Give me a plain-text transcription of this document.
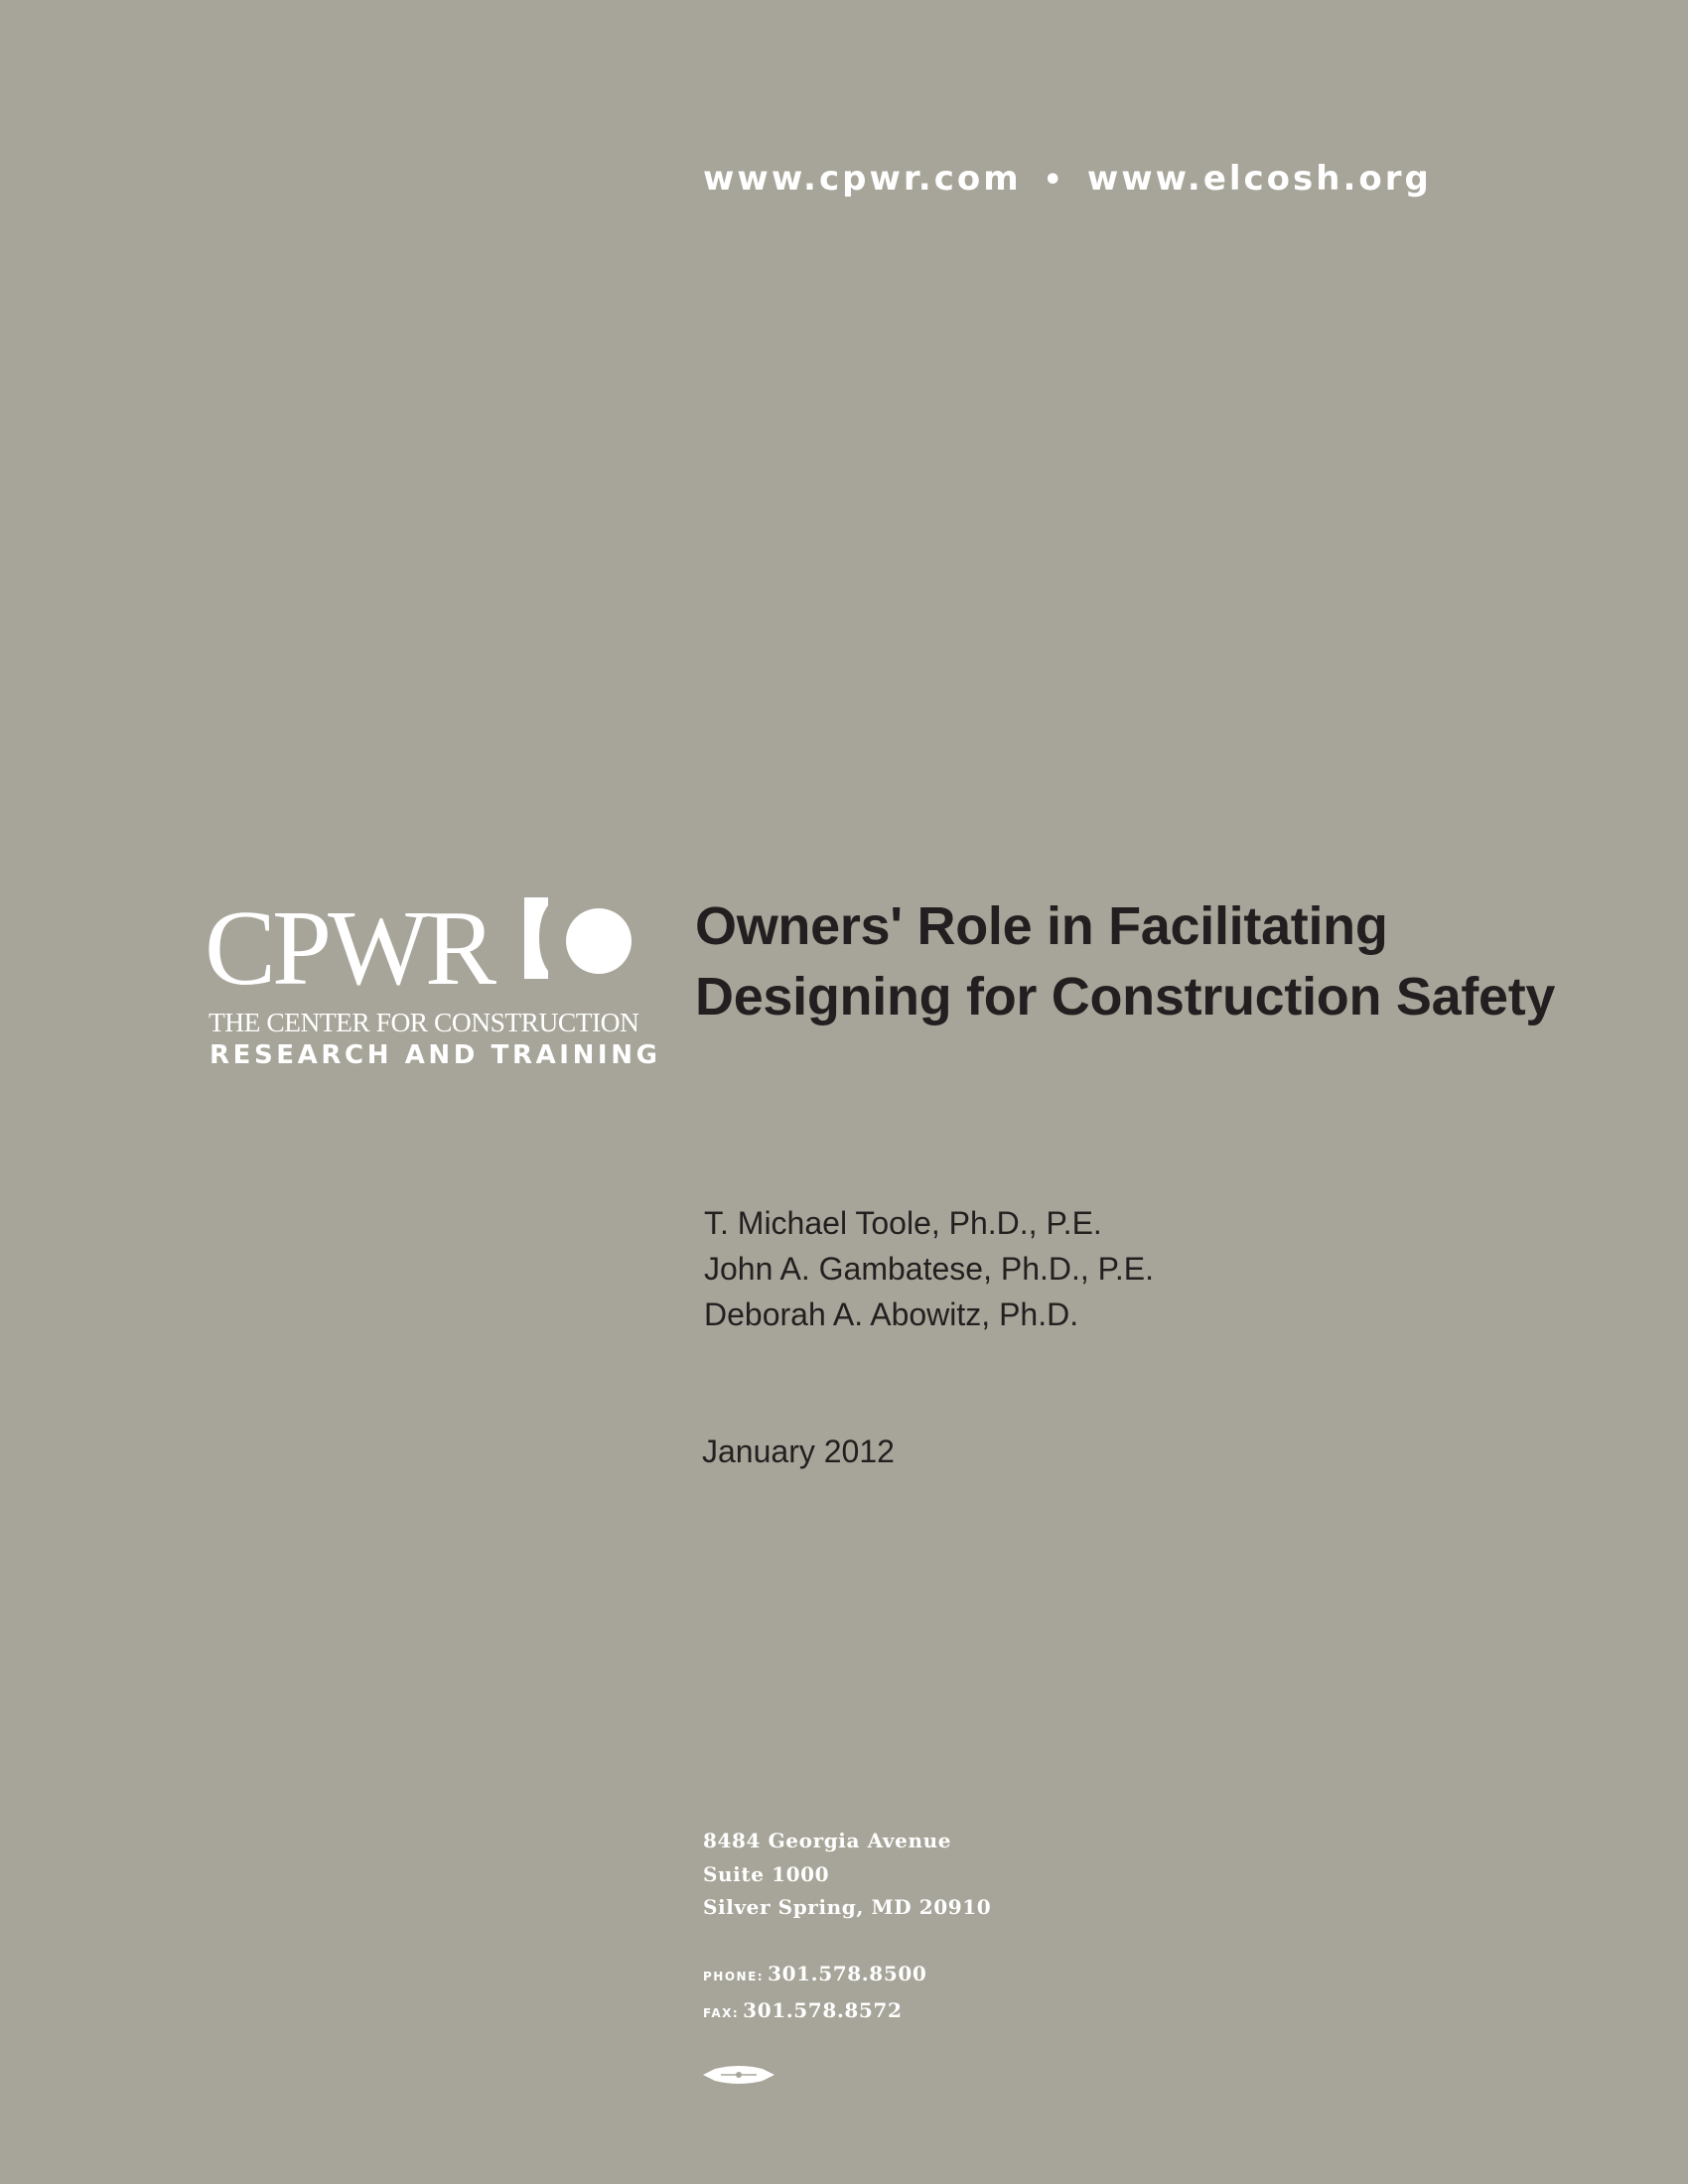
www.cpwr.com • www.elcosh.org
CPWR
THE CENTER FOR CONSTRUCTION
RESEARCH AND TRAINING
Owners' Role in Facilitating
Designing for Construction Safety
T. Michael Toole, Ph.D., P.E.
John A. Gambatese, Ph.D., P.E.
Deborah A. Abowitz, Ph.D.
January 2012
8484 Georgia Avenue
Suite 1000
Silver Spring, MD 20910
PHONE: 301.578.8500
FAX: 301.578.8572
